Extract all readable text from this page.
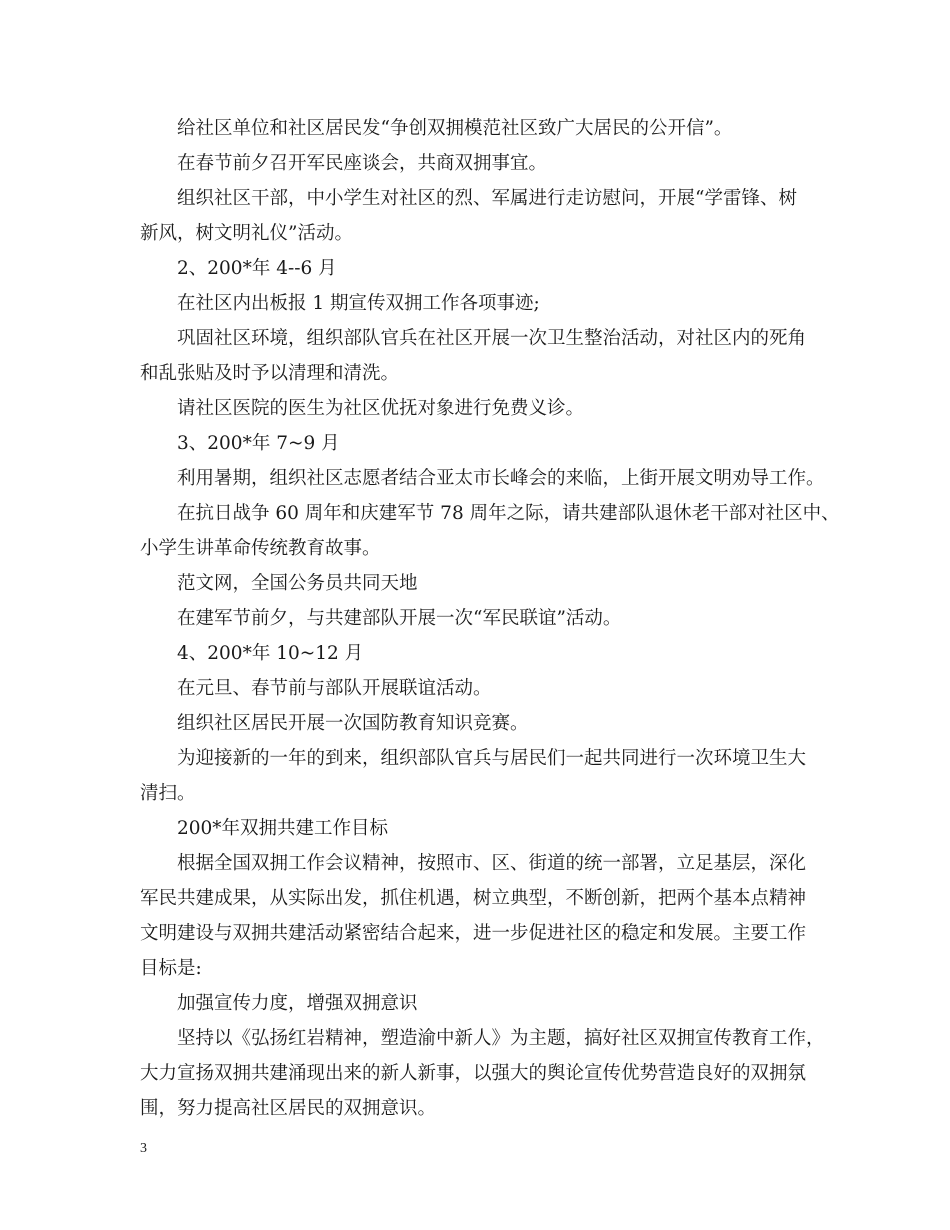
给社区单位和社区居民发“争创双拥模范社区致广大居民的公开信”。
在春节前夕召开军民座谈会，共商双拥事宜。
组织社区干部，中小学生对社区的烈、军属进行走访慰问，开展“学雷锋、树
新风，树文明礼仪”活动。
2、200*年 4--6 月
在社区内出板报 1 期宣传双拥工作各项事迹;
巩固社区环境，组织部队官兵在社区开展一次卫生整治活动，对社区内的死角
和乱张贴及时予以清理和清洗。
请社区医院的医生为社区优抚对象进行免费义诊。
3、200*年 7~9 月
利用暑期，组织社区志愿者结合亚太市长峰会的来临，上街开展文明劝导工作。
在抗日战争 60 周年和庆建军节 78 周年之际，请共建部队退休老干部对社区中、
小学生讲革命传统教育故事。
范文网，全国公务员共同天地
在建军节前夕，与共建部队开展一次“军民联谊”活动。
4、200*年 10~12 月
在元旦、春节前与部队开展联谊活动。
组织社区居民开展一次国防教育知识竞赛。
为迎接新的一年的到来，组织部队官兵与居民们一起共同进行一次环境卫生大
清扫。
200*年双拥共建工作目标
根据全国双拥工作会议精神，按照市、区、街道的统一部署，立足基层，深化
军民共建成果，从实际出发，抓住机遇，树立典型，不断创新，把两个基本点精神
文明建设与双拥共建活动紧密结合起来，进一步促进社区的稳定和发展。主要工作
目标是:
加强宣传力度，增强双拥意识
坚持以《弘扬红岩精神，塑造渝中新人》为主题，搞好社区双拥宣传教育工作，
大力宣扬双拥共建涌现出来的新人新事，以强大的舆论宣传优势营造良好的双拥氛
围，努力提高社区居民的双拥意识。
3
